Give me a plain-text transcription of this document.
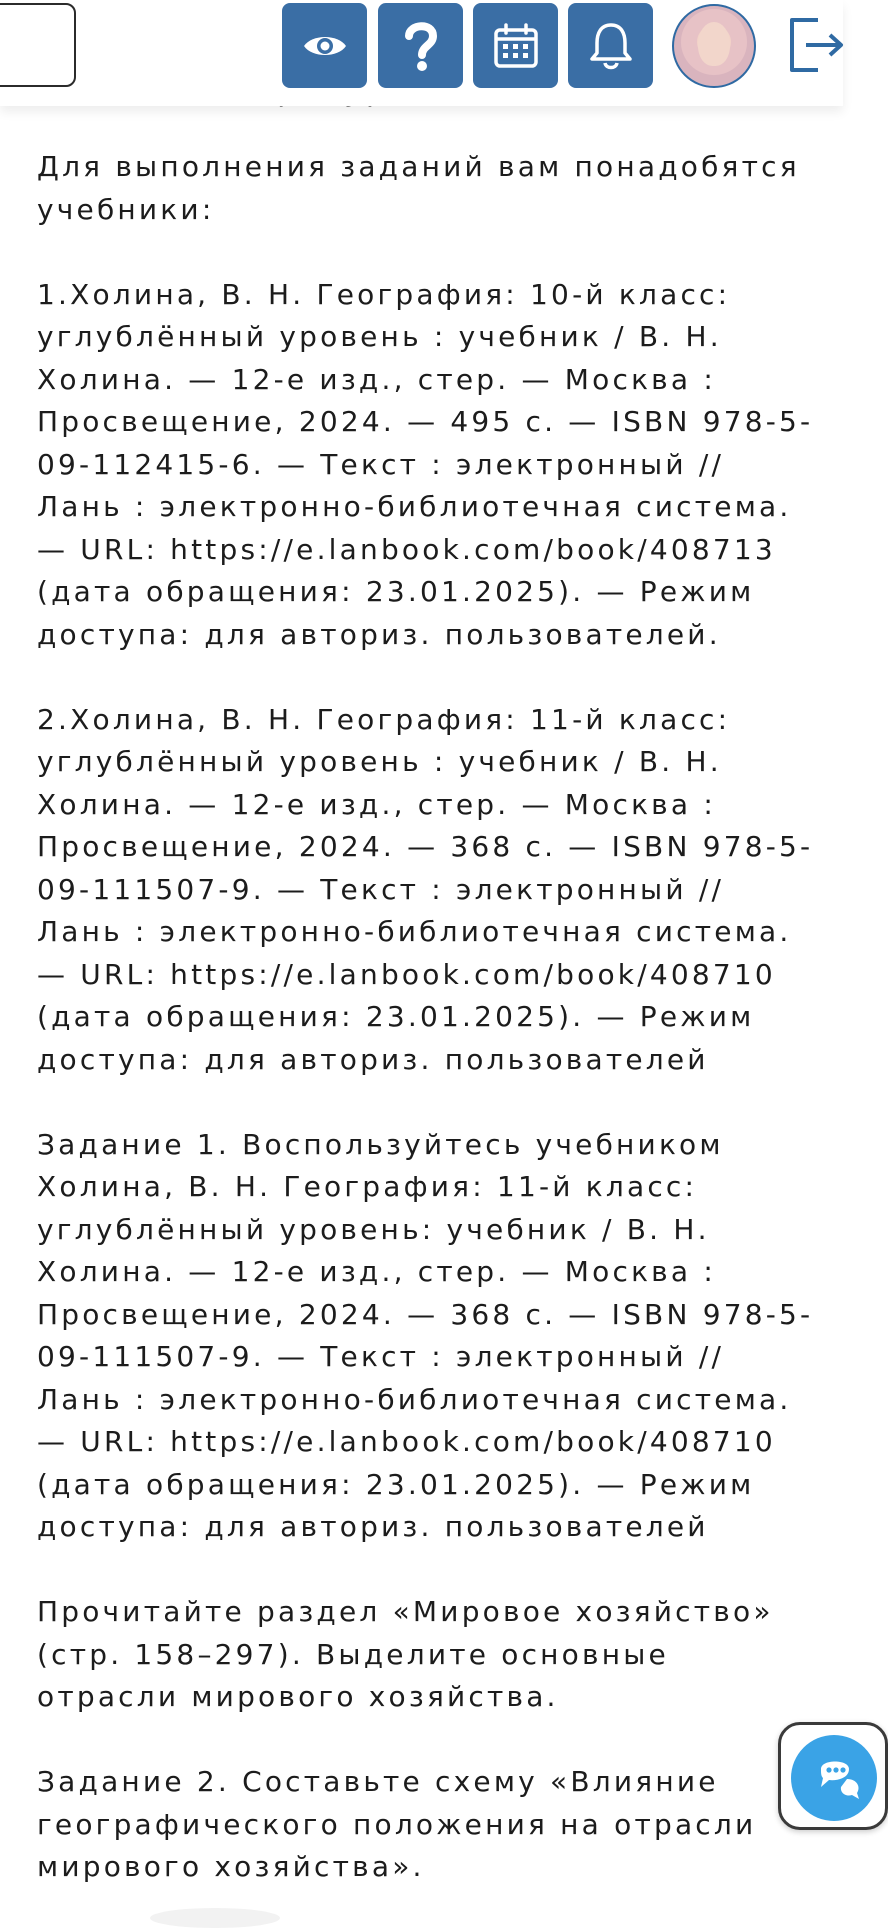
Для выполнения заданий вам понадобятся
учебники:

1.Холина, В. Н. География: 10-й класс:
углублённый уровень : учебник / В. Н.
Холина. — 12-е изд., стер. — Москва :
Просвещение, 2024. — 495 с. — ISBN 978-5-
09-112415-6. — Текст : электронный //
Лань : электронно-библиотечная система.
— URL: https://e.lanbook.com/book/408713
(дата обращения: 23.01.2025). — Режим
доступа: для авториз. пользователей.

2.Холина, В. Н. География: 11-й класс:
углублённый уровень : учебник / В. Н.
Холина. — 12-е изд., стер. — Москва :
Просвещение, 2024. — 368 с. — ISBN 978-5-
09-111507-9. — Текст : электронный //
Лань : электронно-библиотечная система.
— URL: https://e.lanbook.com/book/408710
(дата обращения: 23.01.2025). — Режим
доступа: для авториз. пользователей

Задание 1. Воспользуйтесь учебником
Холина, В. Н. География: 11-й класс:
углублённый уровень: учебник / В. Н.
Холина. — 12-е изд., стер. — Москва :
Просвещение, 2024. — 368 с. — ISBN 978-5-
09-111507-9. — Текст : электронный //
Лань : электронно-библиотечная система.
— URL: https://e.lanbook.com/book/408710
(дата обращения: 23.01.2025). — Режим
доступа: для авториз. пользователей

Прочитайте раздел «Мировое хозяйство»
(стр. 158–297). Выделите основные
отрасли мирового хозяйства.

Задание 2. Составьте схему «Влияние
географического положения на отрасли
мирового хозяйства».
